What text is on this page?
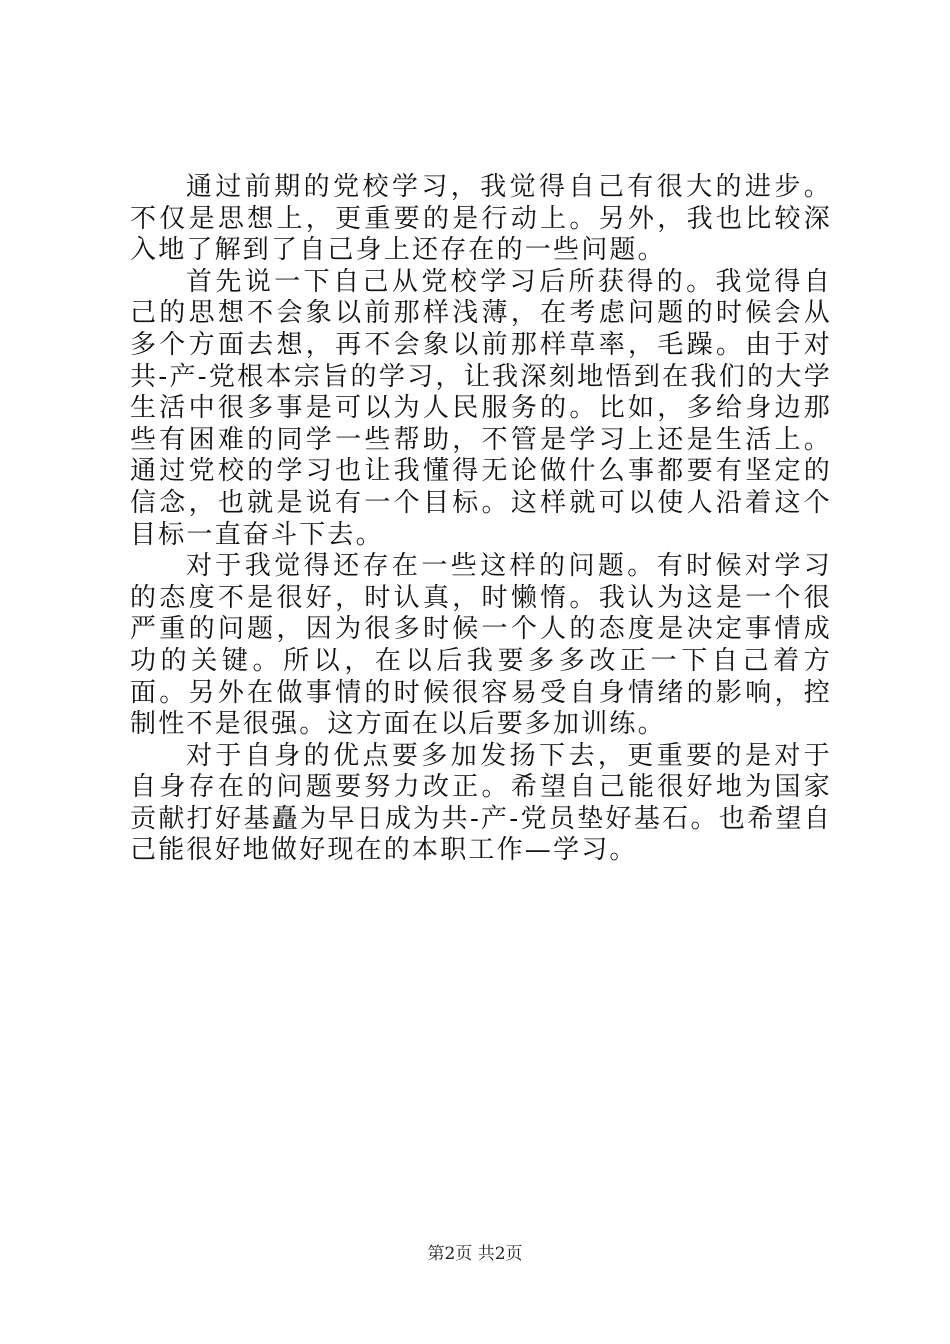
通过前期的党校学习，我觉得自己有很大的进步。不仅是思想上，更重要的是行动上。另外，我也比较深入地了解到了自己身上还存在的一些问题。

首先说一下自己从党校学习后所获得的。我觉得自己的思想不会象以前那样浅薄，在考虑问题的时候会从多个方面去想，再不会象以前那样草率，毛躁。由于对共-产-党根本宗旨的学习，让我深刻地悟到在我们的大学生活中很多事是可以为人民服务的。比如，多给身边那些有困难的同学一些帮助，不管是学习上还是生活上。通过党校的学习也让我懂得无论做什么事都要有坚定的信念，也就是说有一个目标。这样就可以使人沿着这个目标一直奋斗下去。

对于我觉得还存在一些这样的问题。有时候对学习的态度不是很好，时认真，时懒惰。我认为这是一个很严重的问题，因为很多时候一个人的态度是决定事情成功的关键。所以，在以后我要多多改正一下自己着方面。另外在做事情的时候很容易受自身情绪的影响，控制性不是很强。这方面在以后要多加训练。

对于自身的优点要多加发扬下去，更重要的是对于自身存在的问题要努力改正。希望自己能很好地为国家贡献打好基矗为早日成为共-产-党员垫好基石。也希望自己能很好地做好现在的本职工作—学习。

第2页 共2页
